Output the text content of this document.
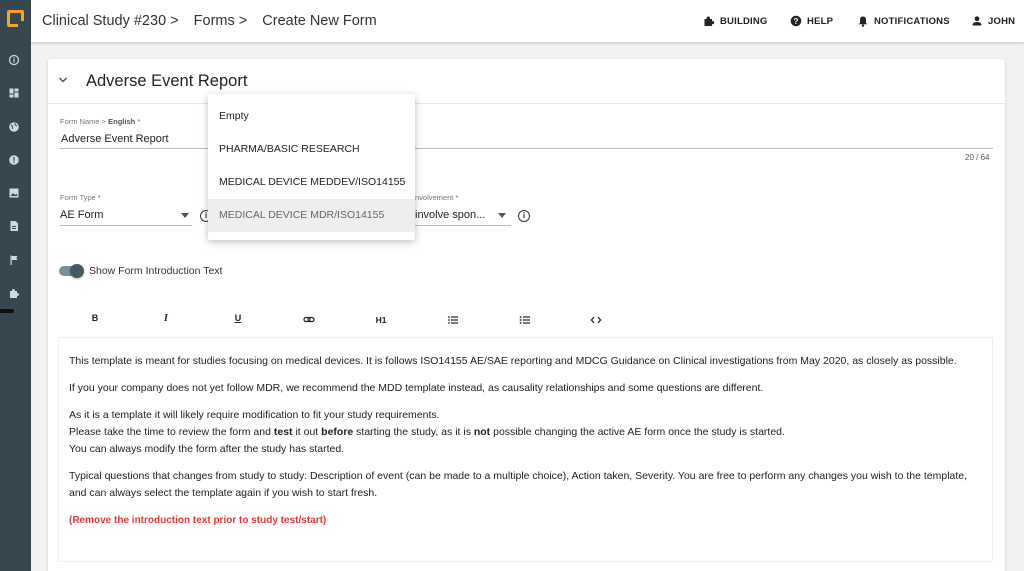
Clinical Study #230 > Forms > Create New Form	BUILDING	? HELP	NOTIFICATIONS	JOHN
Adverse Event Report
Form Name > English *
Adverse Event Report
20 / 64
Form Type *
AE Form	i
nvolvement *
involve spon...	i
Show Form Introduction Text
B	I	U	H1

This template is meant for studies focusing on medical devices. It is follows ISO14155 AE/SAE reporting and MDCG Guidance on Clinical investigations from May 2020, as closely as possible.

If you your company does not yet follow MDR, we recommend the MDD template instead, as causality relationships and some questions are different.

As it is a template it will likely require modification to fit your study requirements.
Please take the time to review the form and test it out before starting the study, as it is not possible changing the active AE form once the study is started.
You can always modify the form after the study has started.

Typical questions that changes from study to study: Description of event (can be made to a multiple choice), Action taken, Severity. You are free to perform any changes you wish to the template, and can always select the template again if you wish to start fresh.

(Remove the introduction text prior to study test/start)

Empty
PHARMA/BASIC RESEARCH
MEDICAL DEVICE MEDDEV/ISO14155
MEDICAL DEVICE MDR/ISO14155
